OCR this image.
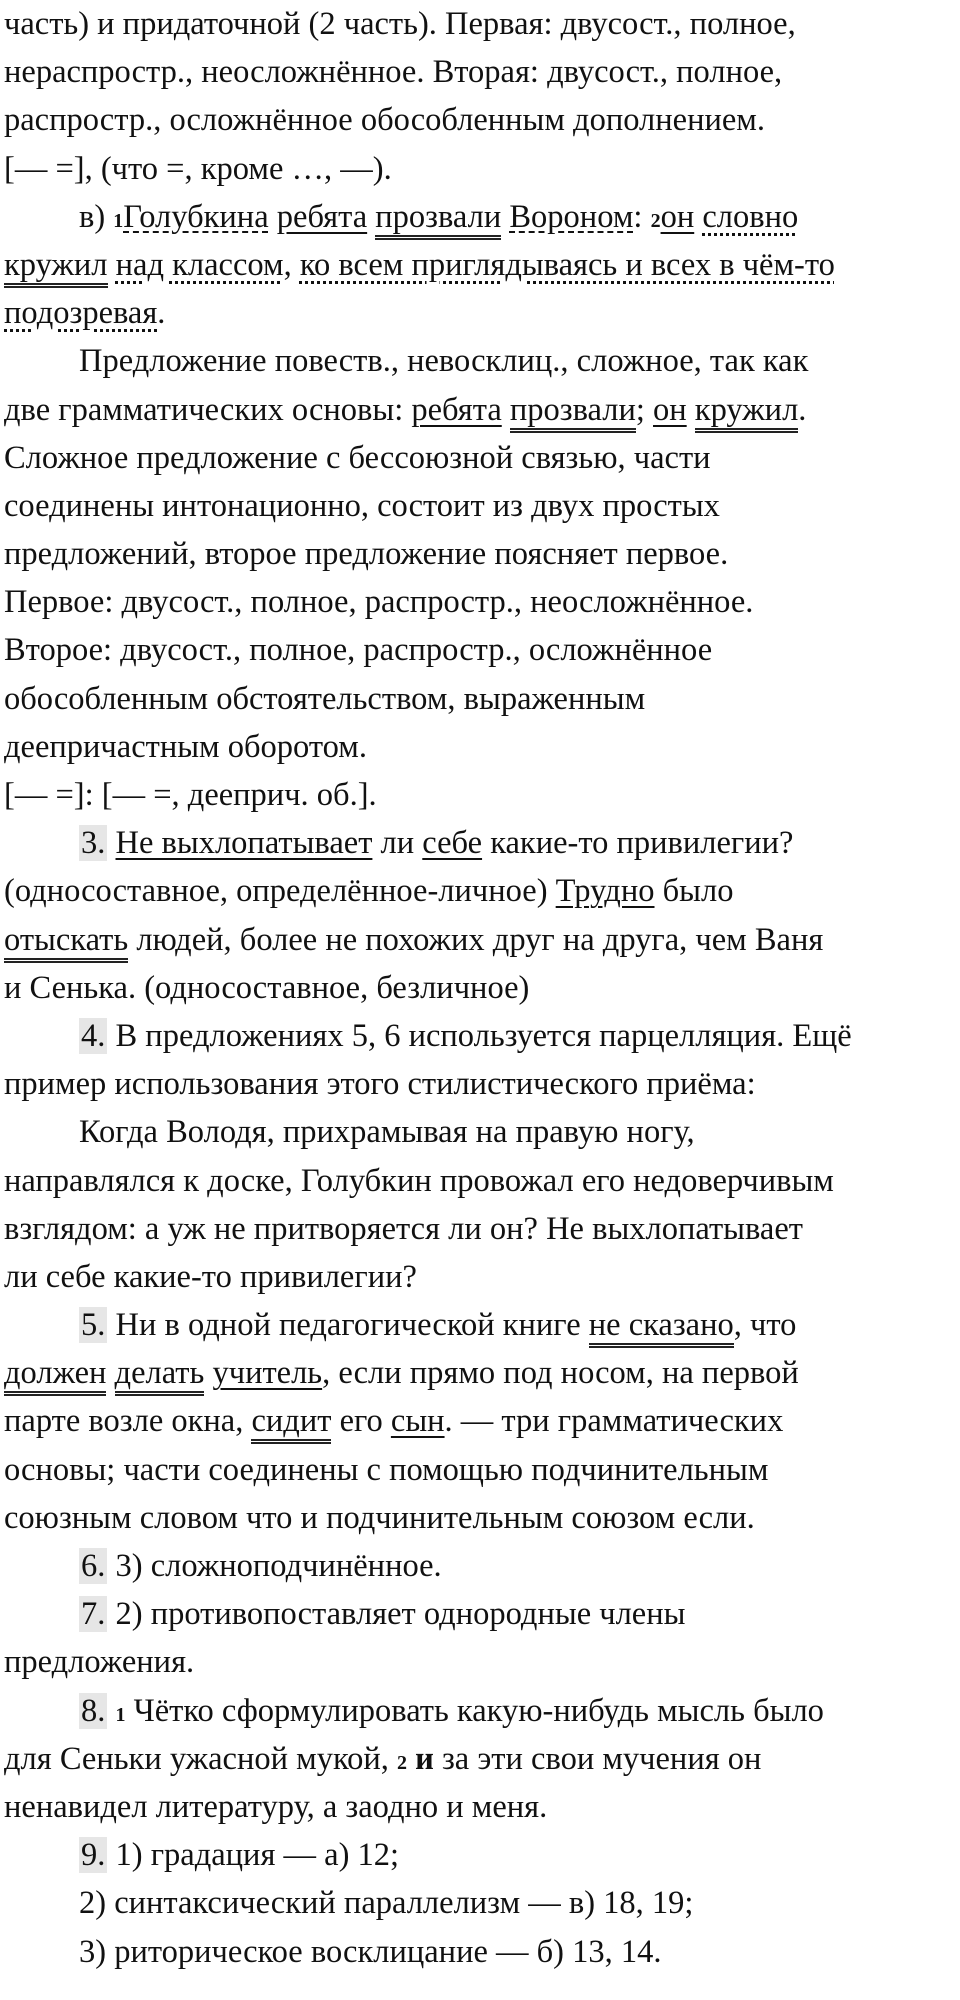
часть) и придаточной (2 часть). Первая: двусост., полное,
нераспростр., неосложнённое. Вторая: двусост., полное,
распростр., осложнённое обособленным дополнением.
[— =], (что =, кроме …, —).
в) 1Голубкина ребята прозвали Вороном: 2он словно
кружил над классом, ко всем приглядываясь и всех в чём-то
подозревая.
Предложение повеств., невосклиц., сложное, так как
две грамматических основы: ребята прозвали; он кружил.
Сложное предложение с бессоюзной связью, части
соединены интонационно, состоит из двух простых
предложений, второе предложение поясняет первое.
Первое: двусост., полное, распростр., неосложнённое.
Второе: двусост., полное, распростр., осложнённое
обособленным обстоятельством, выраженным
деепричастным оборотом.
[— =]: [— =, дееприч. об.].
3. Не выхлопатывает ли себе какие-то привилегии?
(односоставное, определённое-личное) Трудно было
отыскать людей, более не похожих друг на друга, чем Ваня
и Сенька. (односоставное, безличное)
4. В предложениях 5, 6 используется парцелляция. Ещё
пример использования этого стилистического приёма:
Когда Володя, прихрамывая на правую ногу,
направлялся к доске, Голубкин провожал его недоверчивым
взглядом: а уж не притворяется ли он? Не выхлопатывает
ли себе какие-то привилегии?
5. Ни в одной педагогической книге не сказано, что
должен делать учитель, если прямо под носом, на первой
парте возле окна, сидит его сын. — три грамматических
основы; части соединены с помощью подчинительным
союзным словом что и подчинительным союзом если.
6. 3) сложноподчинённое.
7. 2) противопоставляет однородные члены
предложения.
8. 1 Чётко сформулировать какую-нибудь мысль было
для Сеньки ужасной мукой, 2 и за эти свои мучения он
ненавидел литературу, а заодно и меня.
9. 1) градация — а) 12;
2) синтаксический параллелизм — в) 18, 19;
3) риторическое восклицание — б) 13, 14.
